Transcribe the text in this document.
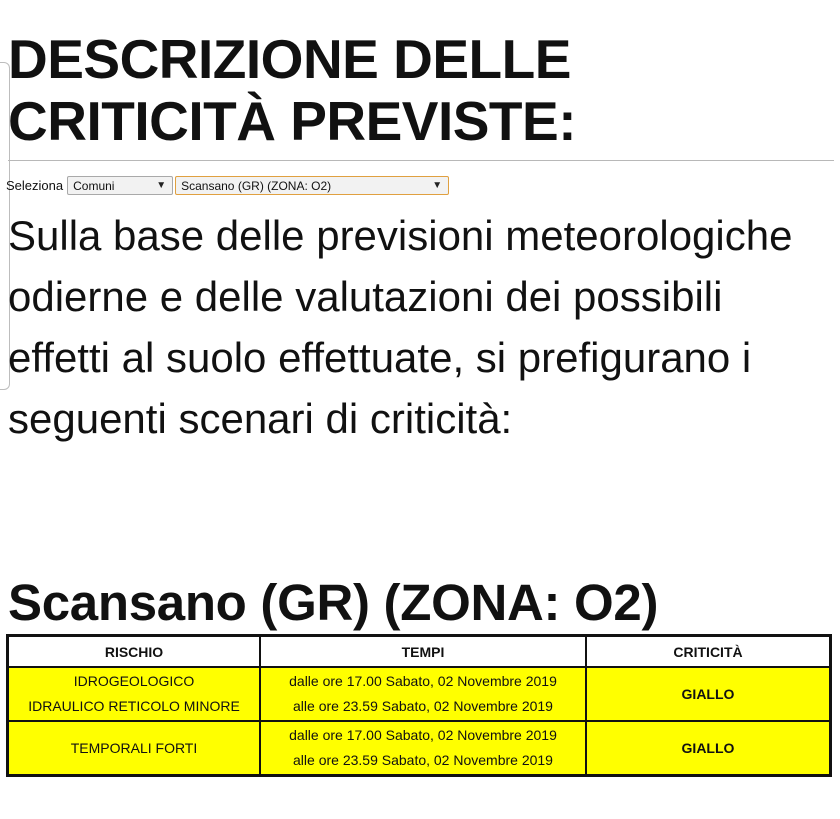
DESCRIZIONE DELLE CRITICITÀ PREVISTE:
Seleziona Comuni	▼ Scansano (GR) (ZONA: O2)	▼

Sulla base delle previsioni meteorologiche odierne e delle valutazioni dei possibili effetti al suolo effettuate, si prefigurano i seguenti scenari di criticità:

Scansano (GR) (ZONA: O2)
RISCHIO	TEMPI	CRITICITÀ

IDROGEOLOGICO
IDRAULICO RETICOLO MINORE	dalle ore 17.00 Sabato, 02 Novembre 2019
alle ore 23.59 Sabato, 02 Novembre 2019	GIALLO

TEMPORALI FORTI	dalle ore 17.00 Sabato, 02 Novembre 2019
alle ore 23.59 Sabato, 02 Novembre 2019	GIALLO
